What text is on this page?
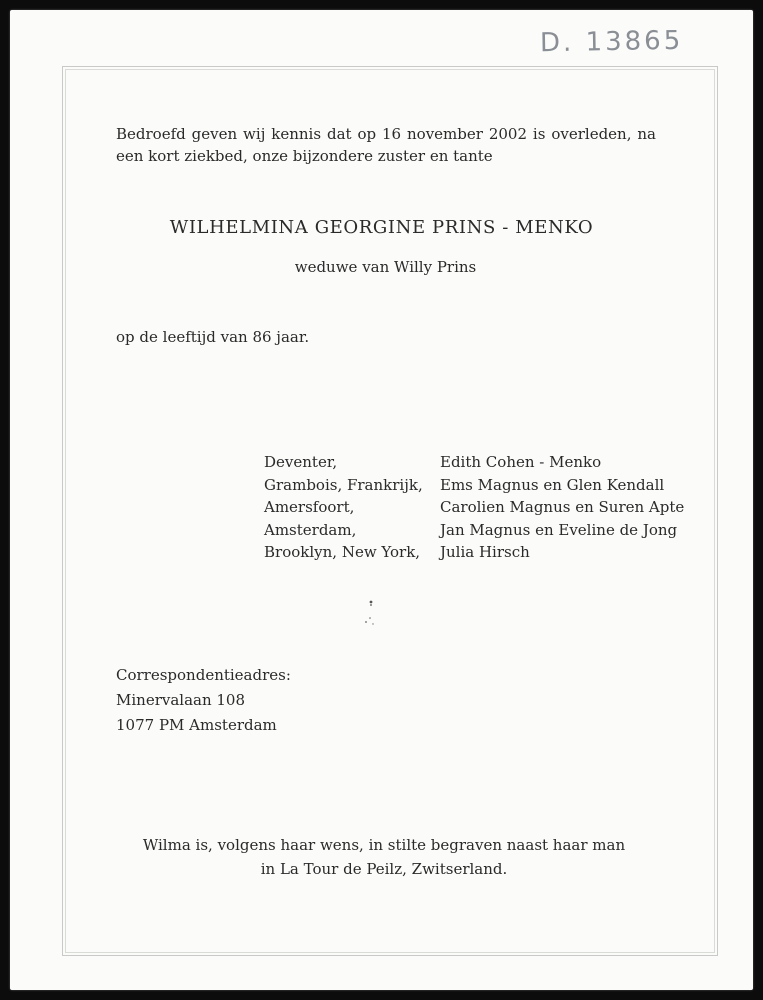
D. 13865
Bedroefd geven wij kennis dat op 16 november 2002 is overleden, na een kort ziekbed, onze bijzondere zuster en tante
WILHELMINA GEORGINE PRINS - MENKO
weduwe van Willy Prins
op de leeftijd van 86 jaar.
Deventer,
Grambois, Frankrijk,
Amersfoort,
Amsterdam,
Brooklyn, New York,
Edith Cohen - Menko
Ems Magnus en Glen Kendall
Carolien Magnus en Suren Apte
Jan Magnus en Eveline de Jong
Julia Hirsch
Correspondentieadres:
Minervalaan 108
1077 PM Amsterdam
Wilma is, volgens haar wens, in stilte begraven naast haar man
in La Tour de Peilz, Zwitserland.
